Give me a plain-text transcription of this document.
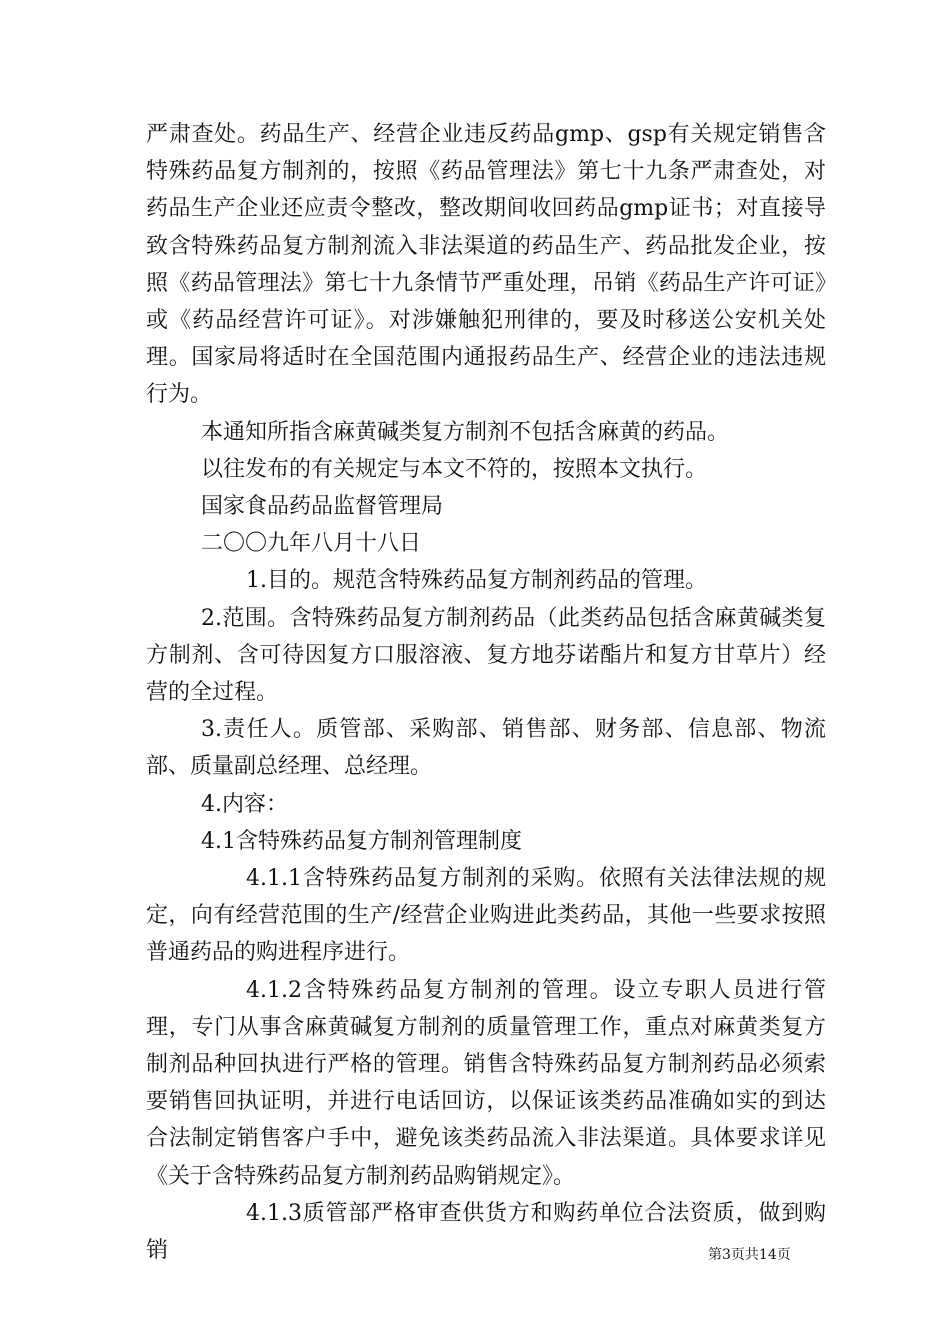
严肃查处。药品生产、经营企业违反药品gmp、gsp有关规定销售含特殊药品复方制剂的，按照《药品管理法》第七十九条严肃查处，对药品生产企业还应责令整改，整改期间收回药品gmp证书；对直接导致含特殊药品复方制剂流入非法渠道的药品生产、药品批发企业，按照《药品管理法》第七十九条情节严重处理，吊销《药品生产许可证》或《药品经营许可证》。对涉嫌触犯刑律的，要及时移送公安机关处理。国家局将适时在全国范围内通报药品生产、经营企业的违法违规行为。

本通知所指含麻黄碱类复方制剂不包括含麻黄的药品。

以往发布的有关规定与本文不符的，按照本文执行。

国家食品药品监督管理局

二〇〇九年八月十八日

1.目的。规范含特殊药品复方制剂药品的管理。

2.范围。含特殊药品复方制剂药品（此类药品包括含麻黄碱类复方制剂、含可待因复方口服溶液、复方地芬诺酯片和复方甘草片）经营的全过程。

3.责任人。质管部、采购部、销售部、财务部、信息部、物流部、质量副总经理、总经理。

4.内容：

4.1含特殊药品复方制剂管理制度

4.1.1含特殊药品复方制剂的采购。依照有关法律法规的规定，向有经营范围的生产/经营企业购进此类药品，其他一些要求按照普通药品的购进程序进行。

4.1.2含特殊药品复方制剂的管理。设立专职人员进行管理，专门从事含麻黄碱复方制剂的质量管理工作，重点对麻黄类复方制剂品种回执进行严格的管理。销售含特殊药品复方制剂药品必须索要销售回执证明，并进行电话回访，以保证该类药品准确如实的到达合法制定销售客户手中，避免该类药品流入非法渠道。具体要求详见《关于含特殊药品复方制剂药品购销规定》。

4.1.3质管部严格审查供货方和购药单位合法资质，做到购销	第3页共14页
